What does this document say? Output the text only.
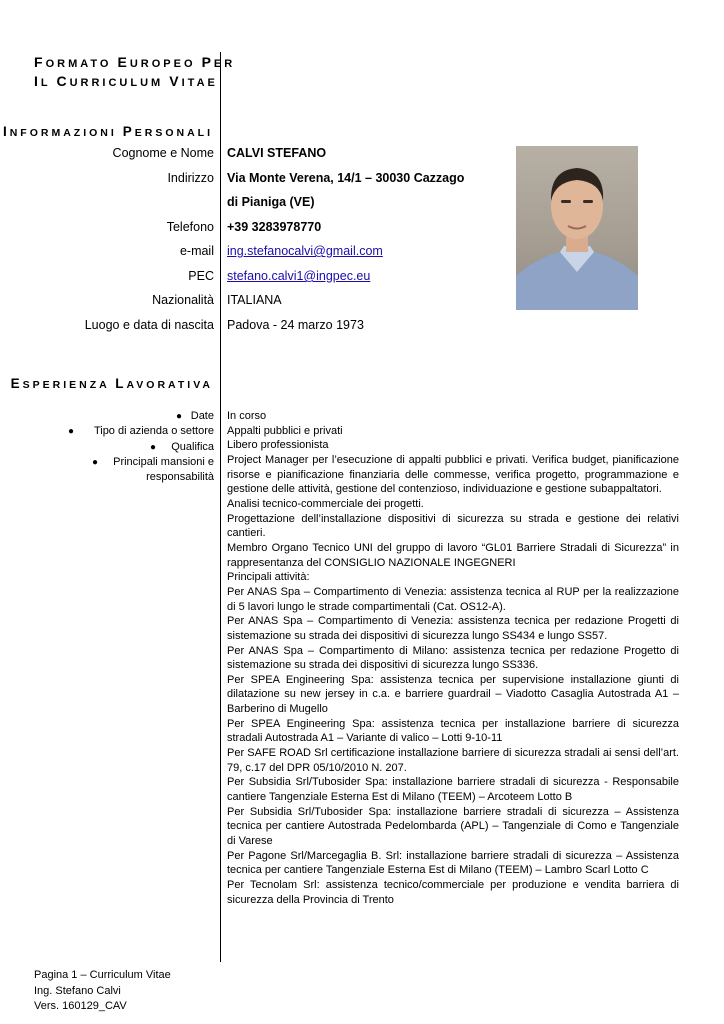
FORMATO EUROPEO PER
IL CURRICULUM VITAE
INFORMAZIONI PERSONALI
Cognome e Nome CALVI STEFANO
Indirizzo Via Monte Verena, 14/1 – 30030 Cazzago
di Pianiga (VE)
Telefono +39 3283978770
e-mail ing.stefanocalvi@gmail.com
PEC stefano.calvi1@ingpec.eu
Nazionalità ITALIANA
Luogo e data di nascita Padova - 24 marzo 1973
ESPERIENZA LAVORATIVA
● Date
● Tipo di azienda o settore
● Qualifica
● Principali mansioni e
responsabilità

In corso

Appalti pubblici e privati

Libero professionista

Project Manager per l’esecuzione di appalti pubblici e privati. Verifica budget, pianificazione risorse e pianificazione finanziaria delle commesse, verifica progetto, programmazione e gestione delle attività, gestione del contenzioso, individuazione e gestione subappaltatori.

Analisi tecnico-commerciale dei progetti.

Progettazione dell’installazione dispositivi di sicurezza su strada e gestione dei relativi cantieri.

Membro Organo Tecnico UNI del gruppo di lavoro “GL01 Barriere Stradali di Sicurezza” in rappresentanza del CONSIGLIO NAZIONALE INGEGNERI

Principali attività:

Per ANAS Spa – Compartimento di Venezia: assistenza tecnica al RUP per la realizzazione di 5 lavori lungo le strade compartimentali (Cat. OS12-A).

Per ANAS Spa – Compartimento di Venezia: assistenza tecnica per redazione Progetti di sistemazione su strada dei dispositivi di sicurezza lungo SS434 e lungo SS57.

Per ANAS Spa – Compartimento di Milano: assistenza tecnica per redazione Progetto di sistemazione su strada dei dispositivi di sicurezza lungo SS336.

Per SPEA Engineering Spa: assistenza tecnica per supervisione installazione giunti di dilatazione su new jersey in c.a. e barriere guardrail – Viadotto Casaglia Autostrada A1 – Barberino di Mugello

Per SPEA Engineering Spa: assistenza tecnica per installazione barriere di sicurezza stradali Autostrada A1 – Variante di valico – Lotti 9-10-11

Per SAFE ROAD Srl certificazione installazione barriere di sicurezza stradali ai sensi dell’art. 79, c.17 del DPR 05/10/2010 N. 207.

Per Subsidia Srl/Tubosider Spa: installazione barriere stradali di sicurezza - Responsabile cantiere Tangenziale Esterna Est di Milano (TEEM) – Arcoteem Lotto B

Per Subsidia Srl/Tubosider Spa: installazione barriere stradali di sicurezza – Assistenza tecnica per cantiere Autostrada Pedelombarda (APL) – Tangenziale di Como e Tangenziale di Varese

Per Pagone Srl/Marcegaglia B. Srl: installazione barriere stradali di sicurezza – Assistenza tecnica per cantiere Tangenziale Esterna Est di Milano (TEEM) – Lambro Scarl Lotto C

Per Tecnolam Srl: assistenza tecnico/commerciale per produzione e vendita barriera di sicurezza della Provincia di Trento

Pagina 1 – Curriculum Vitae
Ing. Stefano Calvi
Vers. 160129_CAV
